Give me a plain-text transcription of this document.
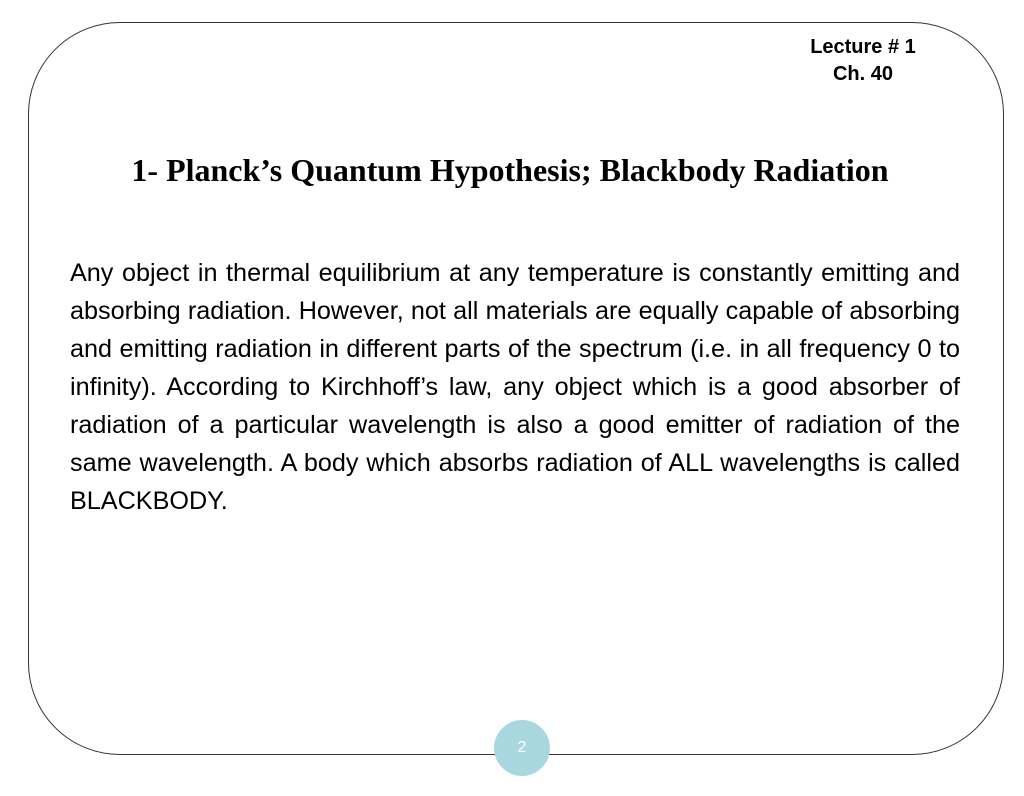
Lecture # 1
Ch. 40
1- Planck’s Quantum Hypothesis; Blackbody Radiation

Any object in thermal equilibrium at any temperature is constantly emitting and absorbing radiation. However, not all materials are equally capable of absorbing and emitting radiation in different parts of the spectrum (i.e. in all frequency 0 to infinity). According to Kirchhoff’s law, any object which is a good absorber of radiation of a particular wavelength is also a good emitter of radiation of the same wavelength. A body which absorbs radiation of ALL wavelengths is called BLACKBODY.

2
